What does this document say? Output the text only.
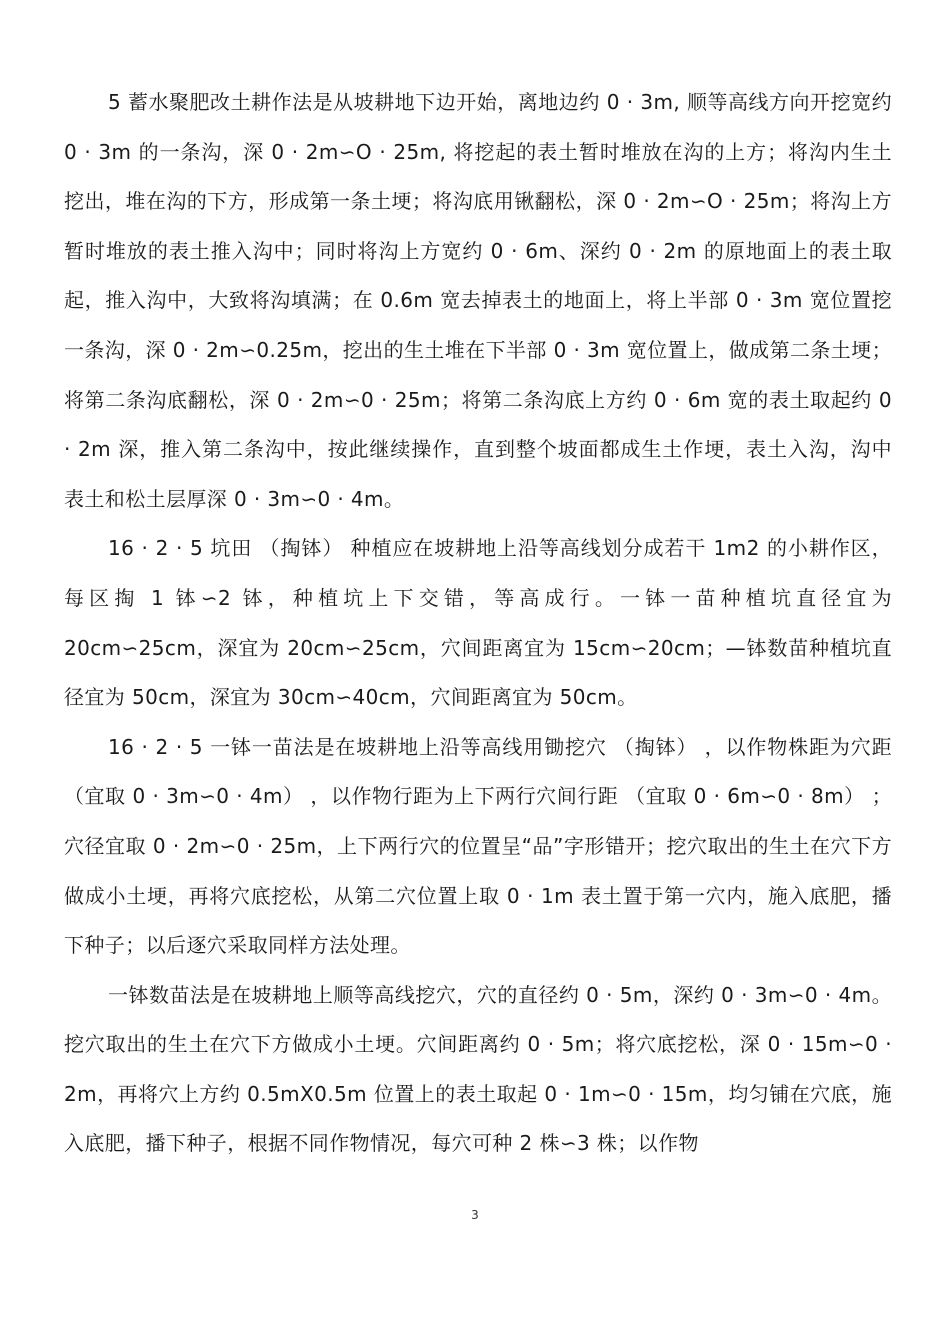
5 蓄水聚肥改土耕作法是从坡耕地下边开始，离地边约 0 · 3m, 顺等高线方向开挖宽约 0 · 3m 的一条沟，深 0 · 2m∽O · 25m, 将挖起的表土暂时堆放在沟的上方；将沟内生土挖出，堆在沟的下方，形成第一条土埂；将沟底用锹翻松，深 0 · 2m∽O · 25m；将沟上方暂时堆放的表土推入沟中；同时将沟上方宽约 0 · 6m、深约 0 · 2m 的原地面上的表土取起，推入沟中，大致将沟填满；在 0.6m 宽去掉表土的地面上，将上半部 0 · 3m 宽位置挖一条沟，深 0 · 2m∽0.25m，挖出的生土堆在下半部 0 · 3m 宽位置上，做成第二条土埂；将第二条沟底翻松，深 0 · 2m∽0 · 25m；将第二条沟底上方约 0 · 6m 宽的表土取起约 0 · 2m 深，推入第二条沟中，按此继续操作，直到整个坡面都成生土作埂，表土入沟，沟中表土和松土层厚深 0 · 3m∽0 · 4m。

16 · 2 · 5 坑田 （掏钵） 种植应在坡耕地上沿等高线划分成若干 1m2 的小耕作区，每区掏 1 钵∽2 钵，种植坑上下交错，等高成行。一钵一苗种植坑直径宜为 20cm∽25cm，深宜为 20cm∽25cm，穴间距离宜为 15cm∽20cm；—钵数苗种植坑直径宜为 50cm，深宜为 30cm∽40cm，穴间距离宜为 50cm。

16 · 2 · 5 一钵一苗法是在坡耕地上沿等高线用锄挖穴 （掏钵） ，以作物株距为穴距 （宜取 0 · 3m∽0 · 4m） ，以作物行距为上下两行穴间行距 （宜取 0 · 6m∽0 · 8m） ；穴径宜取 0 · 2m∽0 · 25m，上下两行穴的位置呈“品”字形错开；挖穴取出的生土在穴下方做成小土埂，再将穴底挖松，从第二穴位置上取 0 · 1m 表土置于第一穴内，施入底肥，播下种子；以后逐穴采取同样方法处理。

一钵数苗法是在坡耕地上顺等高线挖穴，穴的直径约 0 · 5m，深约 0 · 3m∽0 · 4m。挖穴取出的生土在穴下方做成小土埂。穴间距离约 0 · 5m；将穴底挖松，深 0 · 15m∽0 · 2m，再将穴上方约 0.5mΧ0.5m 位置上的表土取起 0 · 1m∽0 · 15m，均匀铺在穴底，施入底肥，播下种子，根据不同作物情况，每穴可种 2 株∽3 株；以作物

3
